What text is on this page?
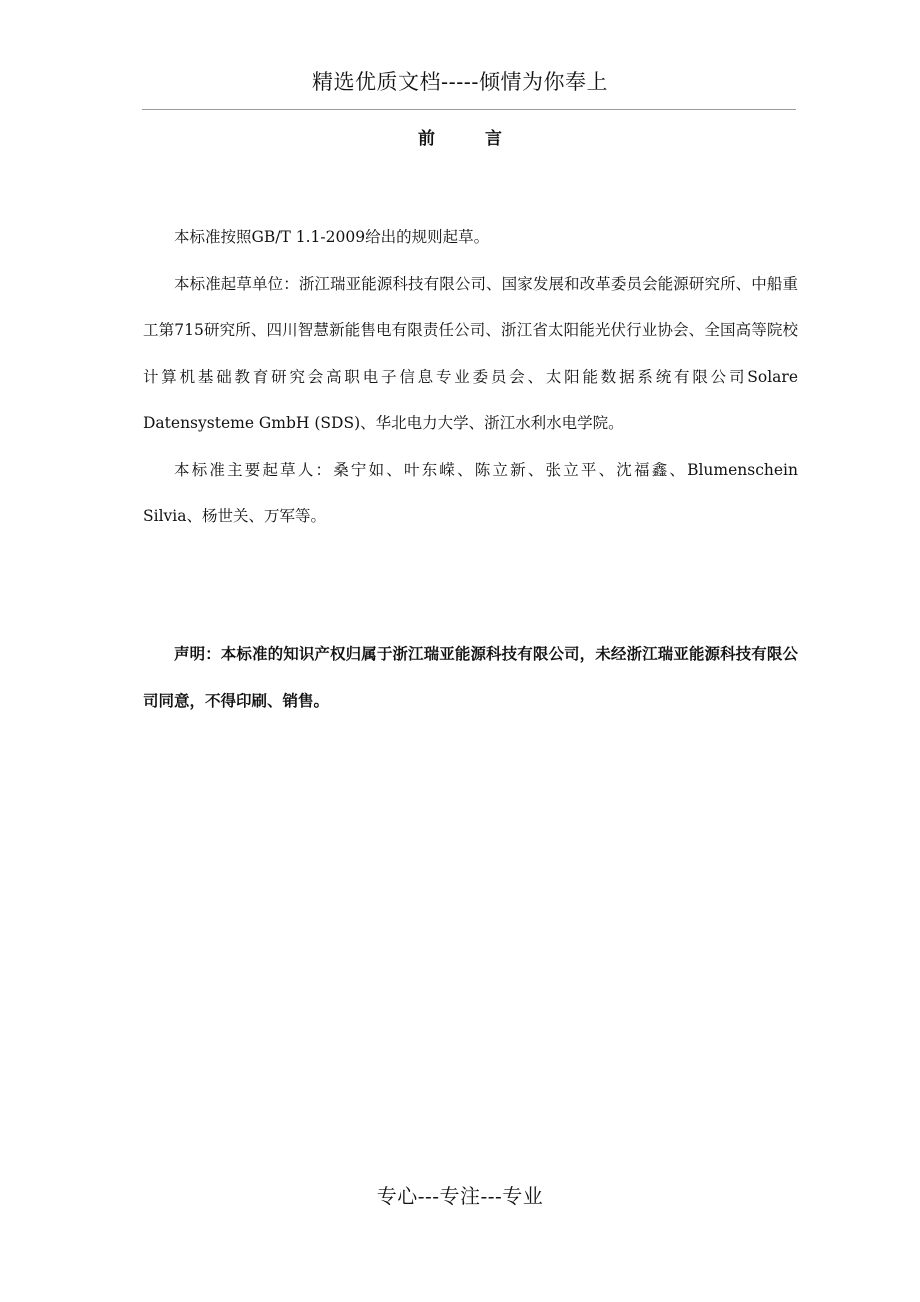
精选优质文档-----倾情为你奉上
前 言

本标准按照GB/T 1.1-2009给出的规则起草。

本标准起草单位：浙江瑞亚能源科技有限公司、国家发展和改革委员会能源研究所、中船重工第715研究所、四川智慧新能售电有限责任公司、浙江省太阳能光伏行业协会、全国高等院校计算机基础教育研究会高职电子信息专业委员会、太阳能数据系统有限公司Solare Datensysteme GmbH (SDS)、华北电力大学、浙江水利水电学院。

本标准主要起草人：桑宁如、叶东嵘、陈立新、张立平、沈福鑫、Blumenschein Silvia、杨世关、万军等。

声明：本标准的知识产权归属于浙江瑞亚能源科技有限公司，未经浙江瑞亚能源科技有限公司同意，不得印刷、销售。

专心---专注---专业
